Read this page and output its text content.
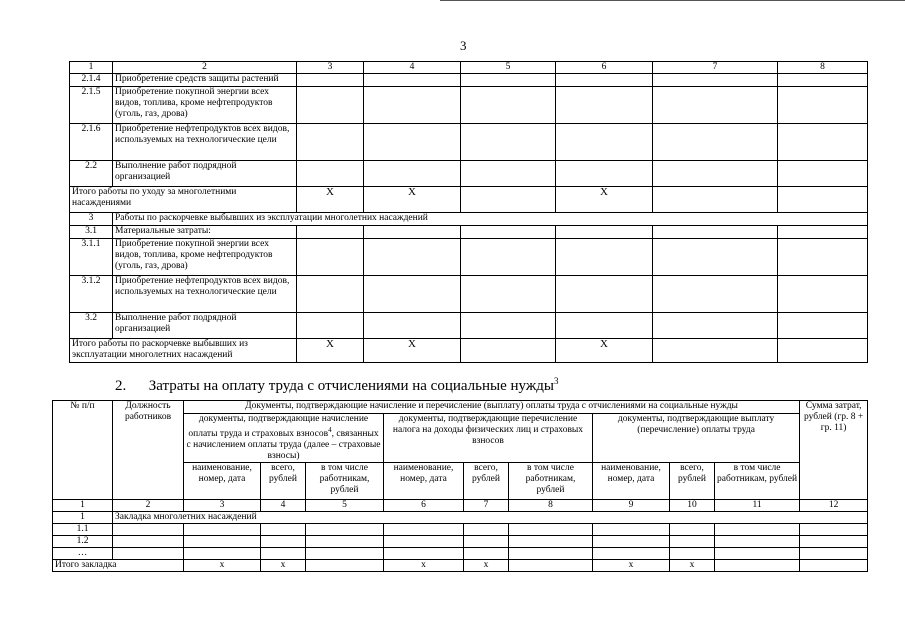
3
1	2	3	4	5	6	7	8
2.1.4	Приобретение средств защиты растений						
2.1.5	Приобретение покупной энергии всех видов, топлива, кроме нефтепродуктов (уголь, газ, дрова)						
2.1.6	Приобретение нефтепродуктов всех видов, используемых на технологические цели						
2.2	Выполнение работ подрядной организацией						
Итого работы по уходу за многолетними насаждениями		Х	Х		Х		
3	Работы по раскорчевке выбывших из эксплуатации многолетних насаждений						
3.1	Материальные затраты:						
3.1.1	Приобретение покупной энергии всех видов, топлива, кроме нефтепродуктов (уголь, газ, дрова)						
3.1.2	Приобретение нефтепродуктов всех видов, используемых на технологические цели						
3.2	Выполнение работ подрядной организацией						
Итого работы по раскорчевке выбывших из эксплуатации многолетних насаждений		Х	Х		Х		
2. Затраты на оплату труда с отчислениями на социальные нужды$^3$
№ п/п	Должность работников	Документы, подтверждающие начисление и перечисление (выплату) оплаты труда с отчислениями на социальные нужды									Сумма затрат, рублей (гр. 8 + гр. 11)
		документы, подтверждающие начисление оплаты труда и страховых взносов$^4$, связанных с начислением оплаты труда (далее – страховые взносы)			документы, подтверждающие перечисление налога на доходы физических лиц и страховых взносов			документы, подтверждающие выплату (перечисление) оплаты труда			
		наименование, номер, дата	всего, рублей	в том числе работникам, рублей	наименование, номер, дата	всего, рублей	в том числе работникам, рублей	наименование, номер, дата	всего, рублей	в том числе работникам, рублей	
1	2	3	4	5	6	7	8	9	10	11	12
1	Закладка многолетних насаждений										
1.1											
1.2											
…											
Итого закладка		х	х		х	х		х	х		
